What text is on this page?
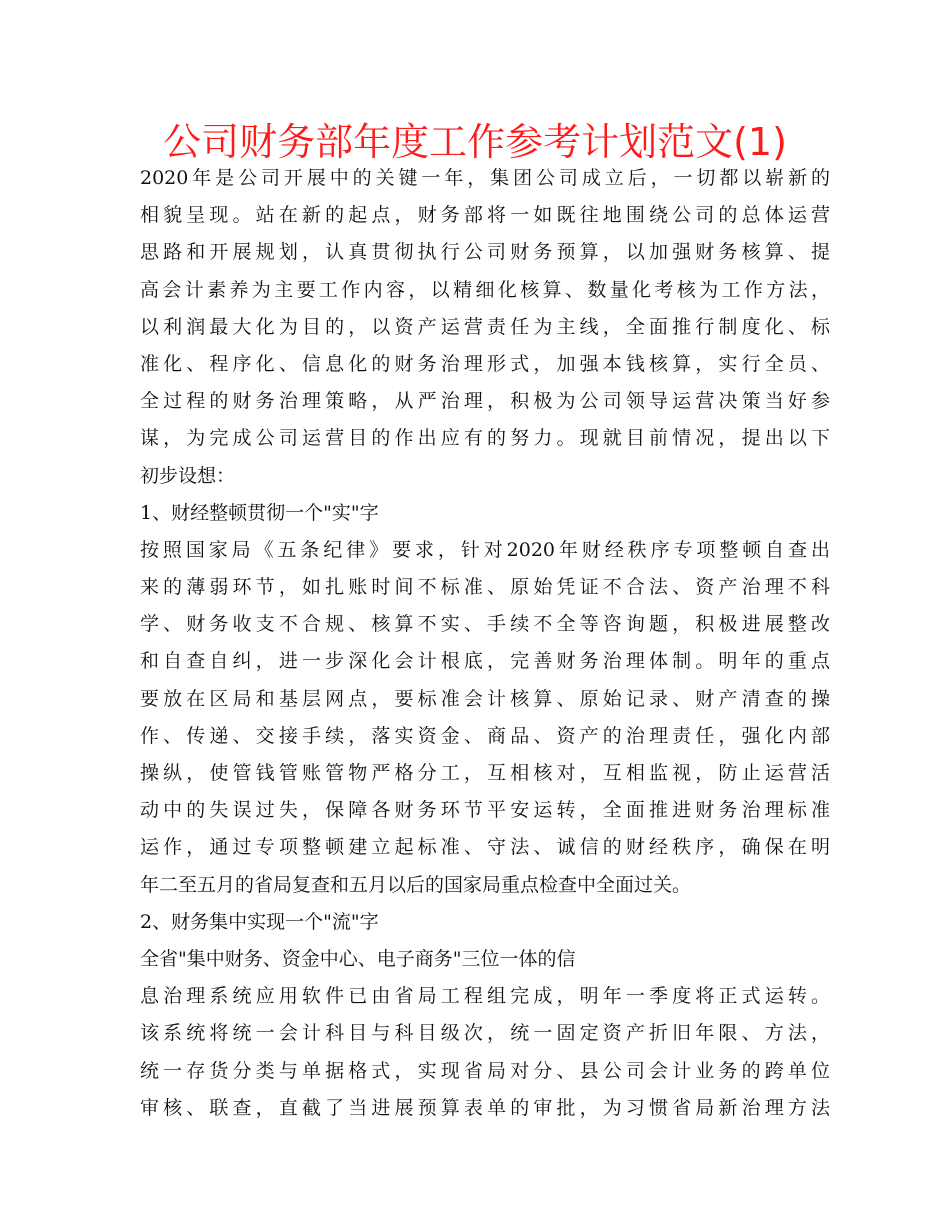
公司财务部年度工作参考计划范文(1)
2020年是公司开展中的关键一年，集团公司成立后，一切都以崭新的
相貌呈现。站在新的起点，财务部将一如既往地围绕公司的总体运营
思路和开展规划，认真贯彻执行公司财务预算，以加强财务核算、提
高会计素养为主要工作内容，以精细化核算、数量化考核为工作方法，
以利润最大化为目的，以资产运营责任为主线，全面推行制度化、标
准化、程序化、信息化的财务治理形式，加强本钱核算，实行全员、
全过程的财务治理策略，从严治理，积极为公司领导运营决策当好参
谋，为完成公司运营目的作出应有的努力。现就目前情况，提出以下
初步设想：
1、财经整顿贯彻一个"实"字
按照国家局《五条纪律》要求，针对2020年财经秩序专项整顿自查出
来的薄弱环节，如扎账时间不标准、原始凭证不合法、资产治理不科
学、财务收支不合规、核算不实、手续不全等咨询题，积极进展整改
和自查自纠，进一步深化会计根底，完善财务治理体制。明年的重点
要放在区局和基层网点，要标准会计核算、原始记录、财产清查的操
作、传递、交接手续，落实资金、商品、资产的治理责任，强化内部
操纵，使管钱管账管物严格分工，互相核对，互相监视，防止运营活
动中的失误过失，保障各财务环节平安运转，全面推进财务治理标准
运作，通过专项整顿建立起标准、守法、诚信的财经秩序，确保在明
年二至五月的省局复查和五月以后的国家局重点检查中全面过关。
2、财务集中实现一个"流"字
全省"集中财务、资金中心、电子商务"三位一体的信
息治理系统应用软件已由省局工程组完成，明年一季度将正式运转。
该系统将统一会计科目与科目级次，统一固定资产折旧年限、方法，
统一存货分类与单据格式，实现省局对分、县公司会计业务的跨单位
审核、联查，直截了当进展预算表单的审批，为习惯省局新治理方法
